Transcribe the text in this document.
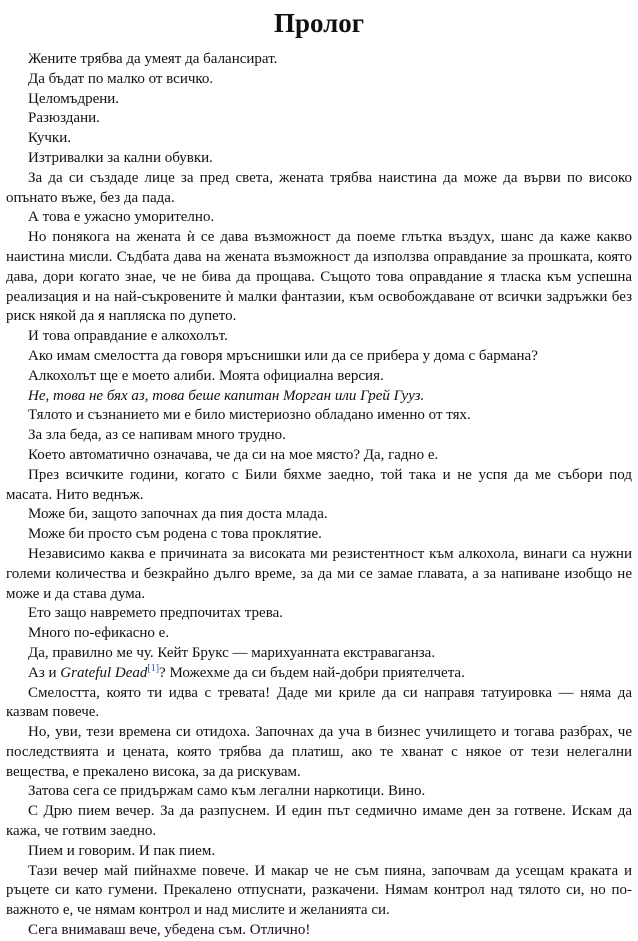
Пролог

Жените трябва да умеят да балансират.

Да бъдат по малко от всичко.

Целомъдрени.

Разюздани.

Кучки.

Изтривалки за кални обувки.

За да си създаде лице за пред света, жената трябва наистина да може да върви по високо опънато въже, без да пада.

А това е ужасно уморително.

Но понякога на жената ѝ се дава възможност да поеме глътка въздух, шанс да каже какво наистина мисли. Съдбата дава на жената възможност да използва оправдание за прошката, която дава, дори когато знае, че не бива да прощава. Същото това оправдание я тласка към успешна реализация и на най-съкровените ѝ малки фантазии, към освобождаване от всички задръжки без риск някой да я напляска по дупето.

И това оправдание е алкохолът.

Ако имам смелостта да говоря мръснишки или да се прибера у дома с бармана?

Алкохолът ще е моето алиби. Моята официална версия.

Не, това не бях аз, това беше капитан Морган или Грей Гууз.

Тялото и съзнанието ми е било мистериозно обладано именно от тях.

За зла беда, аз се напивам много трудно.

Което автоматично означава, че да си на мое място? Да, гадно е.

През всичките години, когато с Били бяхме заедно, той така и не успя да ме събори под масата. Нито веднъж.

Може би, защото започнах да пия доста млада.

Може би просто съм родена с това проклятие.

Независимо каква е причината за високата ми резистентност към алкохола, винаги са нужни големи количества и безкрайно дълго време, за да ми се замае главата, а за напиване изобщо не може и да става дума.

Ето защо навремето предпочитах трева.

Много по-ефикасно е.

Да, правилно ме чу. Кейт Брукс — марихуанната екстраваганза.

Аз и Grateful Dead[1]? Можехме да си бъдем най-добри приятелчета.

Смелостта, която ти идва с тревата! Даде ми криле да си направя татуировка — няма да казвам повече.

Но, уви, тези времена си отидоха. Започнах да уча в бизнес училището и тогава разбрах, че последствията и цената, която трябва да платиш, ако те хванат с някое от тези нелегални вещества, е прекалено висока, за да рискувам.

Затова сега се придържам само към легални наркотици. Вино.

С Дрю пием вечер. За да разпуснем. И един път седмично имаме ден за готвене. Искам да кажа, че готвим заедно.

Пием и говорим. И пак пием.

Тази вечер май пийнахме повече. И макар че не съм пияна, започвам да усещам краката и ръцете си като гумени. Прекалено отпуснати, разкачени. Нямам контрол над тялото си, но по-важното е, че нямам контрол и над мислите и желанията си.

Сега внимаваш вече, убедена съм. Отлично!
